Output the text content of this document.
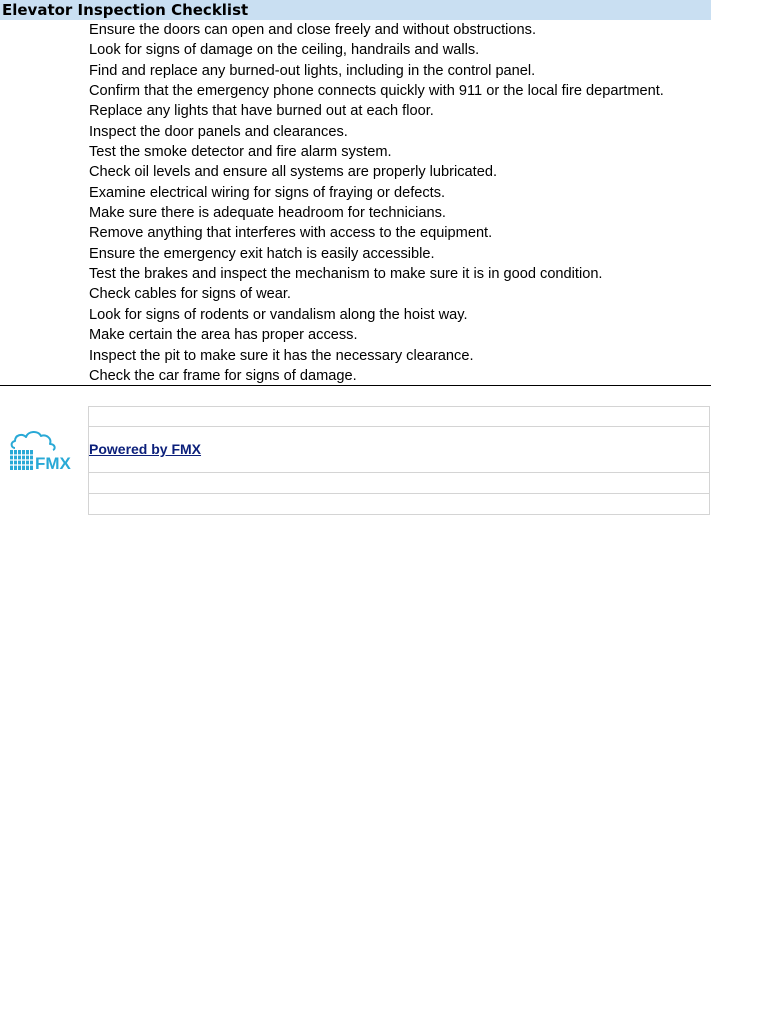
Elevator Inspection Checklist
Ensure the doors can open and close freely and without obstructions.
Look for signs of damage on the ceiling, handrails and walls.
Find and replace any burned-out lights, including in the control panel.
Confirm that the emergency phone connects quickly with 911 or the local fire department.
Replace any lights that have burned out at each floor.
Inspect the door panels and clearances.
Test the smoke detector and fire alarm system.
Check oil levels and ensure all systems are properly lubricated.
Examine electrical wiring for signs of fraying or defects.
Make sure there is adequate headroom for technicians.
Remove anything that interferes with access to the equipment.
Ensure the emergency exit hatch is easily accessible.
Test the brakes and inspect the mechanism to make sure it is in good condition.
Check cables for signs of wear.
Look for signs of rodents or vandalism along the hoist way.
Make certain the area has proper access.
Inspect the pit to make sure it has the necessary clearance.
Check the car frame for signs of damage.
FMX
Powered by FMX
